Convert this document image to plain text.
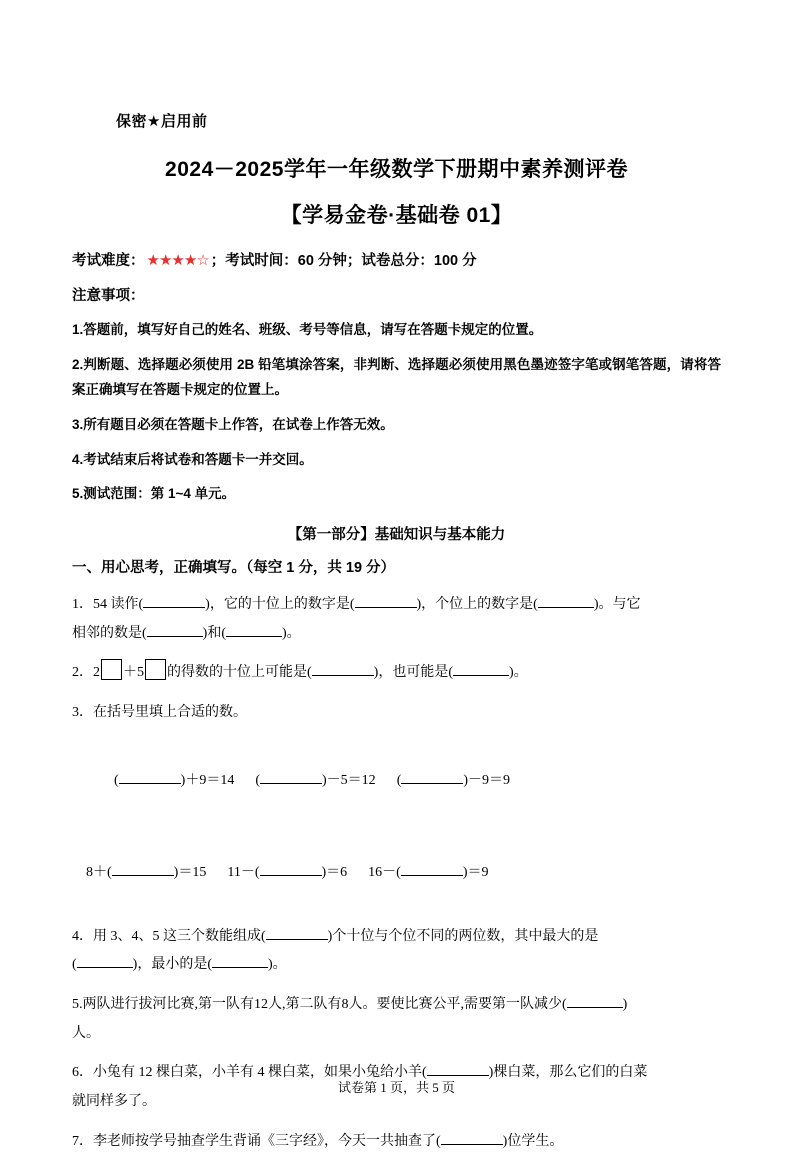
保密★启用前
2024－2025学年一年级数学下册期中素养测评卷
【学易金卷·基础卷 01】
考试难度： ★★★★☆ ；考试时间：60 分钟；试卷总分：100 分
注意事项：
1.答题前，填写好自己的姓名、班级、考号等信息，请写在答题卡规定的位置。
2.判断题、选择题必须使用 2B 铅笔填涂答案，非判断、选择题必须使用黑色墨迹签字笔或钢笔答题，请将答案正确填写在答题卡规定的位置上。
3.所有题目必须在答题卡上作答，在试卷上作答无效。
4.考试结束后将试卷和答题卡一并交回。
5.测试范围：第 1~4 单元。
【第一部分】基础知识与基本能力
一、用心思考，正确填写。（每空 1 分，共 19 分）
1．54 读作(	)，它的十位上的数字是(	)，个位上的数字是(	)。与它
相邻的数是(	)和(	)。
2．2 ＋5 的得数的十位上可能是(	)，也可能是(	)。
3．在括号里填上合适的数。

(	)＋9＝14 (	)－5＝12 (	)－9＝9

8＋(	)＝15 11－(	)＝6 16－(	)＝9

4．用 3、4、5 这三个数能组成(	)个十位与个位不同的两位数，其中最大的是
(	)，最小的是(	)。
5.两队进行拔河比赛,第一队有12人,第二队有8人。要使比赛公平,需要第一队减少(	)
人。
6．小兔有 12 棵白菜，小羊有 4 棵白菜，如果小兔给小羊(	)棵白菜，那么它们的白菜
就同样多了。
7．李老师按学号抽查学生背诵《三字经》，今天一共抽查了(	)位学生。
试卷第 1 页，共 5 页
